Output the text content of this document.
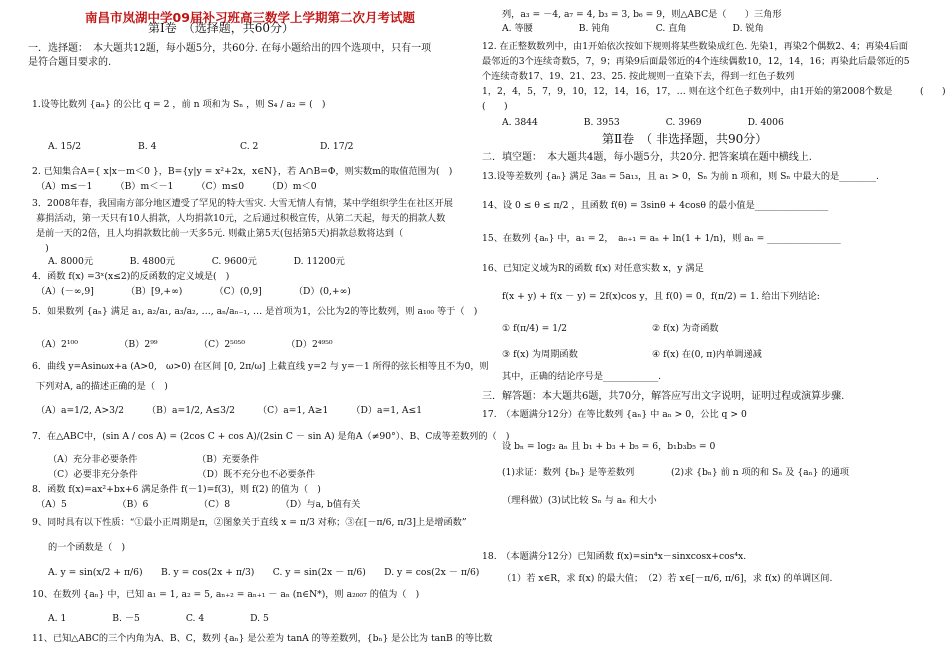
南昌市岚湖中学09届补习班高三数学上学期第二次月考试题
第Ⅰ卷　（选择题，共60分）
一．选择题：　本大题共12题，每小题5分，共60分. 在每小题给出的四个选项中，只有一项
是符合题目要求的.
1.设等比数列 {aₙ} 的公比 q = 2 ，前 n 项和为 Sₙ ，则 S₄ / a₂ = (　)
A. 15/2	B. 4	C. 2	D. 17/2
2. 已知集合A={ x|x－m＜0 }，B={y|y = x²+2x，x∈N}，若 A∩B=Φ，则实数m的取值范围为(　)
（A）m≤－1　　　（B）m＜－1　　　（C）m≤0　　　（D）m＜0
3．2008年春，我国南方部分地区遭受了罕见的特大雪灾. 大雪无情人有情，某中学组织学生在社区开展
募捐活动，第一天只有10人捐款，人均捐款10元，之后通过积极宣传，从第二天起，每天的捐款人数
是前一天的2倍，且人均捐款数比前一天多5元. 则截止第5天(包括第5天)捐款总数将达到（
　)
A. 8000元　　　　B. 4800元　　　　C. 9600元　　　　D. 11200元
4．函数 f(x) =3ˣ(x≤2)的反函数的定义域是(　)
（A）(－∞,9]　　　　（B）[9,+∞)　　　　（C）(0,9]　　　　（D）(0,+∞)
5．如果数列 {aₙ} 满足 a₁, a₂/a₁, a₃/a₂, …, aₙ/aₙ₋₁, … 是首项为1，公比为2的等比数列，则 a₁₀₀ 等于（　)
（A）2¹⁰⁰　　　　　（B）2⁹⁹　　　　　（C）2⁵⁰⁵⁰　　　　　（D）2⁴⁹⁵⁰
6．曲线 y=Asinωx+a (A>0,　ω>0) 在区间 [0, 2π/ω] 上截直线 y=2 与 y=－1 所得的弦长相等且不为0，则
下列对A, a的描述正确的是（　)
（A）a=1/2, A>3/2　　　（B）a=1/2, A≤3/2　　　（C）a=1, A≥1　　　（D）a=1, A≤1
7．在△ABC中，(sin A / cos A) = (2cos C + cos A)/(2sin C － sin A) 是角A（≠90°）、B、C成等差数列的（　)
（A）充分非必要条件　　　　　　　（B）充要条件
（C）必要非充分条件　　　　　　　（D）既不充分也不必要条件
8．函数 f(x)=ax²+bx+6 满足条件 f(－1)=f(3)，则 f(2) 的值为（　)
（A）5　　　　　　（B）6　　　　　　（C）8　　　　　　（D）与a, b值有关
9、同时具有以下性质：“①最小正周期是π，②图象关于直线 x = π/3 对称；③在[－π/6, π/3]上是增函数”
的一个函数是（　)
A. y = sin(x/2 + π/6)　　B. y = cos(2x + π/3)　　C. y = sin(2x － π/6)　　D. y = cos(2x － π/6)
10、在数列 {aₙ} 中，已知 a₁ = 1, a₂ = 5, aₙ₊₂ = aₙ₊₁ － aₙ (n∈N*)，则 a₂₀₀₇ 的值为（　)
A. 1　　　　　B. －5　　　　　C. 4　　　　　D. 5
11、已知△ABC的三个内角为A、B、C，数列 {aₙ} 是公差为 tanA 的等差数列，{bₙ} 是公比为 tanB 的等比数
列，a₃ = －4, a₇ = 4, b₃ = 3, b₆ = 9，则△ABC是（　　）三角形
A. 等腰　　　　　B. 钝角　　　　　C. 直角　　　　　D. 锐角
12. 在正整数数列中，由1开始依次按如下规则将某些数染成红色. 先染1，再染2个偶数2、4；再染4后面
最邻近的3个连续奇数5，7，9；再染9后面最邻近的4个连续偶数10，12，14，16；再染此后最邻近的5
个连续奇数17、19、21、23、25. 按此规则一直染下去，得到一红色子数列
1，2，4，5，7，9，10，12，14，16，17，… 则在这个红色子数列中，由1开始的第2008个数是　　　(　　)
(　　)
A. 3844　　　　　B. 3953　　　　　C. 3969　　　　　D. 4006
第Ⅱ卷　（ 非选择题，共90分）
二．填空题：　本大题共4题，每小题5分，共20分. 把答案填在题中横线上.
13.设等差数列 {aₙ} 满足 3a₈ = 5a₁₃，且 a₁ > 0，Sₙ 为前 n 项和，则 Sₙ 中最大的是________.
14、设 0 ≤ θ ≤ π/2 ，且函数 f(θ) = 3sinθ + 4cosθ 的最小值是________________
15、在数列 {aₙ} 中，a₁ = 2，　aₙ₊₁ = aₙ + ln(1 + 1/n)，则 aₙ = ________________
16、已知定义域为R的函数 f(x) 对任意实数 x，y 满足
f(x + y) + f(x － y) = 2f(x)cos y，且 f(0) = 0，f(π/2) = 1. 给出下列结论:
① f(π/4) = 1/2	② f(x) 为奇函数
③ f(x) 为周期函数	④ f(x) 在(0, π)内单调递减
其中，正确的结论序号是____________.
三．解答题：本大题共6题，共70分，解答应写出文字说明，证明过程或演算步骤.
17.　（本题满分12分）在等比数列 {aₙ} 中 aₙ > 0，公比 q > 0
设 bₙ = log₂ aₙ 且 b₁ + b₃ + b₅ = 6，b₁b₃b₅ = 0
(1)求证：数列 {bₙ} 是等差数列　　　　(2)求 {bₙ} 前 n 项的和 Sₙ 及 {aₙ} 的通项
（理科做）(3)试比较 Sₙ 与 aₙ 和大小
18.　（本题满分12分）已知函数 f(x)=sin⁴x－sinxcosx+cos⁴x.
（1）若 x∈R，求 f(x) 的最大值；　（2）若 x∈[－π/6, π/6]，求 f(x) 的单调区间.
